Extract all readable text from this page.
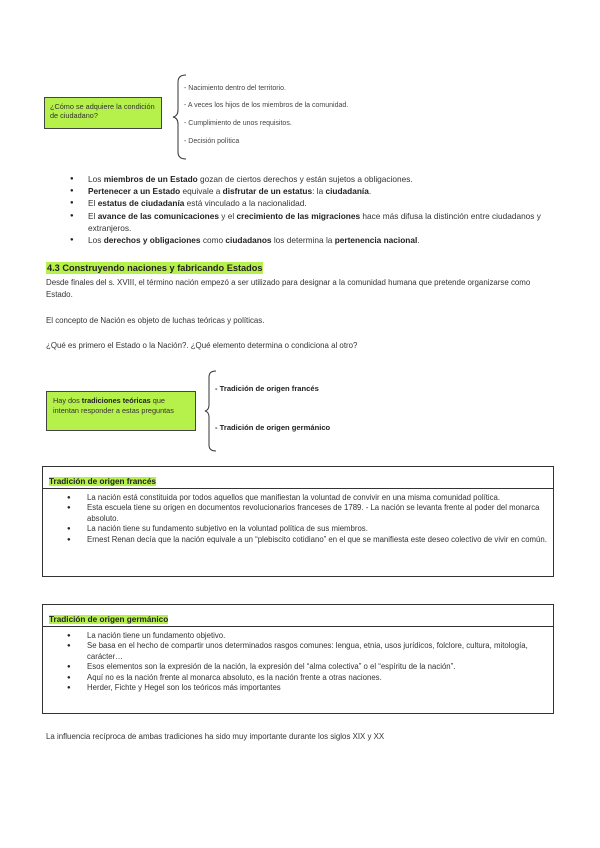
¿Cómo se adquiere la condición de ciudadano?
- Nacimiento dentro del territorio.
- A veces los hijos de los miembros de la comunidad.
- Cumplimiento de unos requisitos.
- Decisión política
● Los miembros de un Estado gozan de ciertos derechos y están sujetos a obligaciones.
● Pertenecer a un Estado equivale a disfrutar de un estatus: la ciudadanía.
● El estatus de ciudadanía está vinculado a la nacionalidad.
● El avance de las comunicaciones y el crecimiento de las migraciones hace más difusa la distinción entre ciudadanos y extranjeros.
● Los derechos y obligaciones como ciudadanos los determina la pertenencia nacional.
4.3 Construyendo naciones y fabricando Estados
Desde finales del s. XVIII, el término nación empezó a ser utilizado para designar a la comunidad humana que pretende organizarse como Estado.
El concepto de Nación es objeto de luchas teóricas y políticas.
¿Qué es primero el Estado o la Nación?. ¿Qué elemento determina o condiciona al otro?
Hay dos tradiciones teóricas que intentan responder a estas preguntas
- Tradición de origen francés
- Tradición de origen germánico
Tradición de origen francés
● La nación está constituida por todos aquellos que manifiestan la voluntad de convivir en una misma comunidad política.
● Esta escuela tiene su origen en documentos revolucionarios franceses de 1789. - La nación se levanta frente al poder del monarca absoluto.
● La nación tiene su fundamento subjetivo en la voluntad política de sus miembros.
● Ernest Renan decía que la nación equivale a un “plebiscito cotidiano” en el que se manifiesta este deseo colectivo de vivir en común.
Tradición de origen germánico
● La nación tiene un fundamento objetivo.
● Se basa en el hecho de compartir unos determinados rasgos comunes: lengua, etnia, usos jurídicos, folclore, cultura, mitología, carácter…
● Esos elementos son la expresión de la nación, la expresión del “alma colectiva” o el “espíritu de la nación”.
● Aquí no es la nación frente al monarca absoluto, es la nación frente a otras naciones.
● Herder, Fichte y Hegel son los teóricos más importantes
La influencia recíproca de ambas tradiciones ha sido muy importante durante los siglos XIX y XX
